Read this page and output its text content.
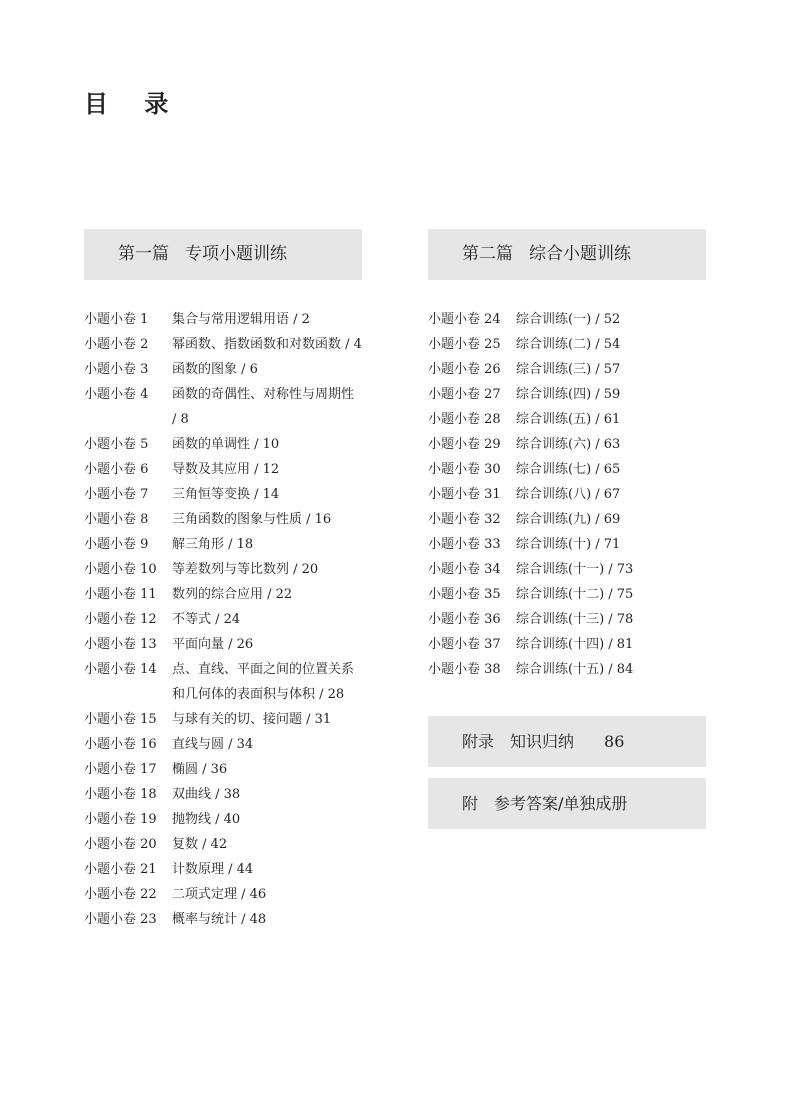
目 录
第一篇 专项小题训练
小题小卷 1	集合与常用逻辑用语 / 2
小题小卷 2	幂函数、指数函数和对数函数 / 4
小题小卷 3	函数的图象 / 6
小题小卷 4	函数的奇偶性、对称性与周期性 / 8
小题小卷 5	函数的单调性 / 10
小题小卷 6	导数及其应用 / 12
小题小卷 7	三角恒等变换 / 14
小题小卷 8	三角函数的图象与性质 / 16
小题小卷 9	解三角形 / 18
小题小卷 10	等差数列与等比数列 / 20
小题小卷 11	数列的综合应用 / 22
小题小卷 12	不等式 / 24
小题小卷 13	平面向量 / 26
小题小卷 14	点、直线、平面之间的位置关系和几何体的表面积与体积 / 28
小题小卷 15	与球有关的切、接问题 / 31
小题小卷 16	直线与圆 / 34
小题小卷 17	椭圆 / 36
小题小卷 18	双曲线 / 38
小题小卷 19	抛物线 / 40
小题小卷 20	复数 / 42
小题小卷 21	计数原理 / 44
小题小卷 22	二项式定理 / 46
小题小卷 23	概率与统计 / 48
第二篇 综合小题训练
小题小卷 24	综合训练(一) / 52
小题小卷 25	综合训练(二) / 54
小题小卷 26	综合训练(三) / 57
小题小卷 27	综合训练(四) / 59
小题小卷 28	综合训练(五) / 61
小题小卷 29	综合训练(六) / 63
小题小卷 30	综合训练(七) / 65
小题小卷 31	综合训练(八) / 67
小题小卷 32	综合训练(九) / 69
小题小卷 33	综合训练(十) / 71
小题小卷 34	综合训练(十一) / 73
小题小卷 35	综合训练(十二) / 75
小题小卷 36	综合训练(十三) / 78
小题小卷 37	综合训练(十四) / 81
小题小卷 38	综合训练(十五) / 84
附录 知识归纳 86
附 参考答案/单独成册
